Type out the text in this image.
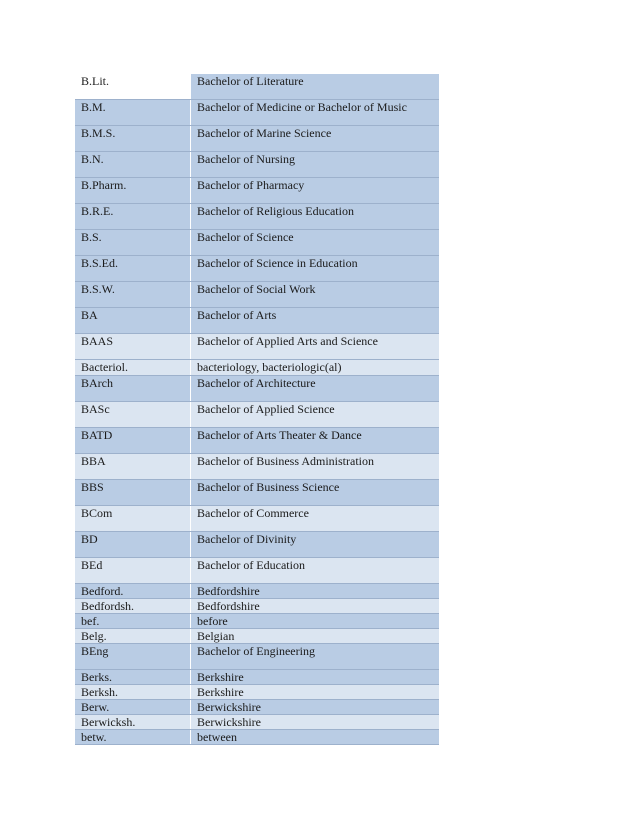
B.Lit.	Bachelor of Literature
B.M.	Bachelor of Medicine or Bachelor of Music
B.M.S.	Bachelor of Marine Science
B.N.	Bachelor of Nursing
B.Pharm.	Bachelor of Pharmacy
B.R.E.	Bachelor of Religious Education
B.S.	Bachelor of Science
B.S.Ed.	Bachelor of Science in Education
B.S.W.	Bachelor of Social Work
BA	Bachelor of Arts
BAAS	Bachelor of Applied Arts and Science
Bacteriol.	bacteriology, bacteriologic(al)
BArch	Bachelor of Architecture
BASc	Bachelor of Applied Science
BATD	Bachelor of Arts Theater & Dance
BBA	Bachelor of Business Administration
BBS	Bachelor of Business Science
BCom	Bachelor of Commerce
BD	Bachelor of Divinity
BEd	Bachelor of Education
Bedford.	Bedfordshire
Bedfordsh.	Bedfordshire
bef.	before
Belg.	Belgian
BEng	Bachelor of Engineering
Berks.	Berkshire
Berksh.	Berkshire
Berw.	Berwickshire
Berwicksh.	Berwickshire
betw.	between
